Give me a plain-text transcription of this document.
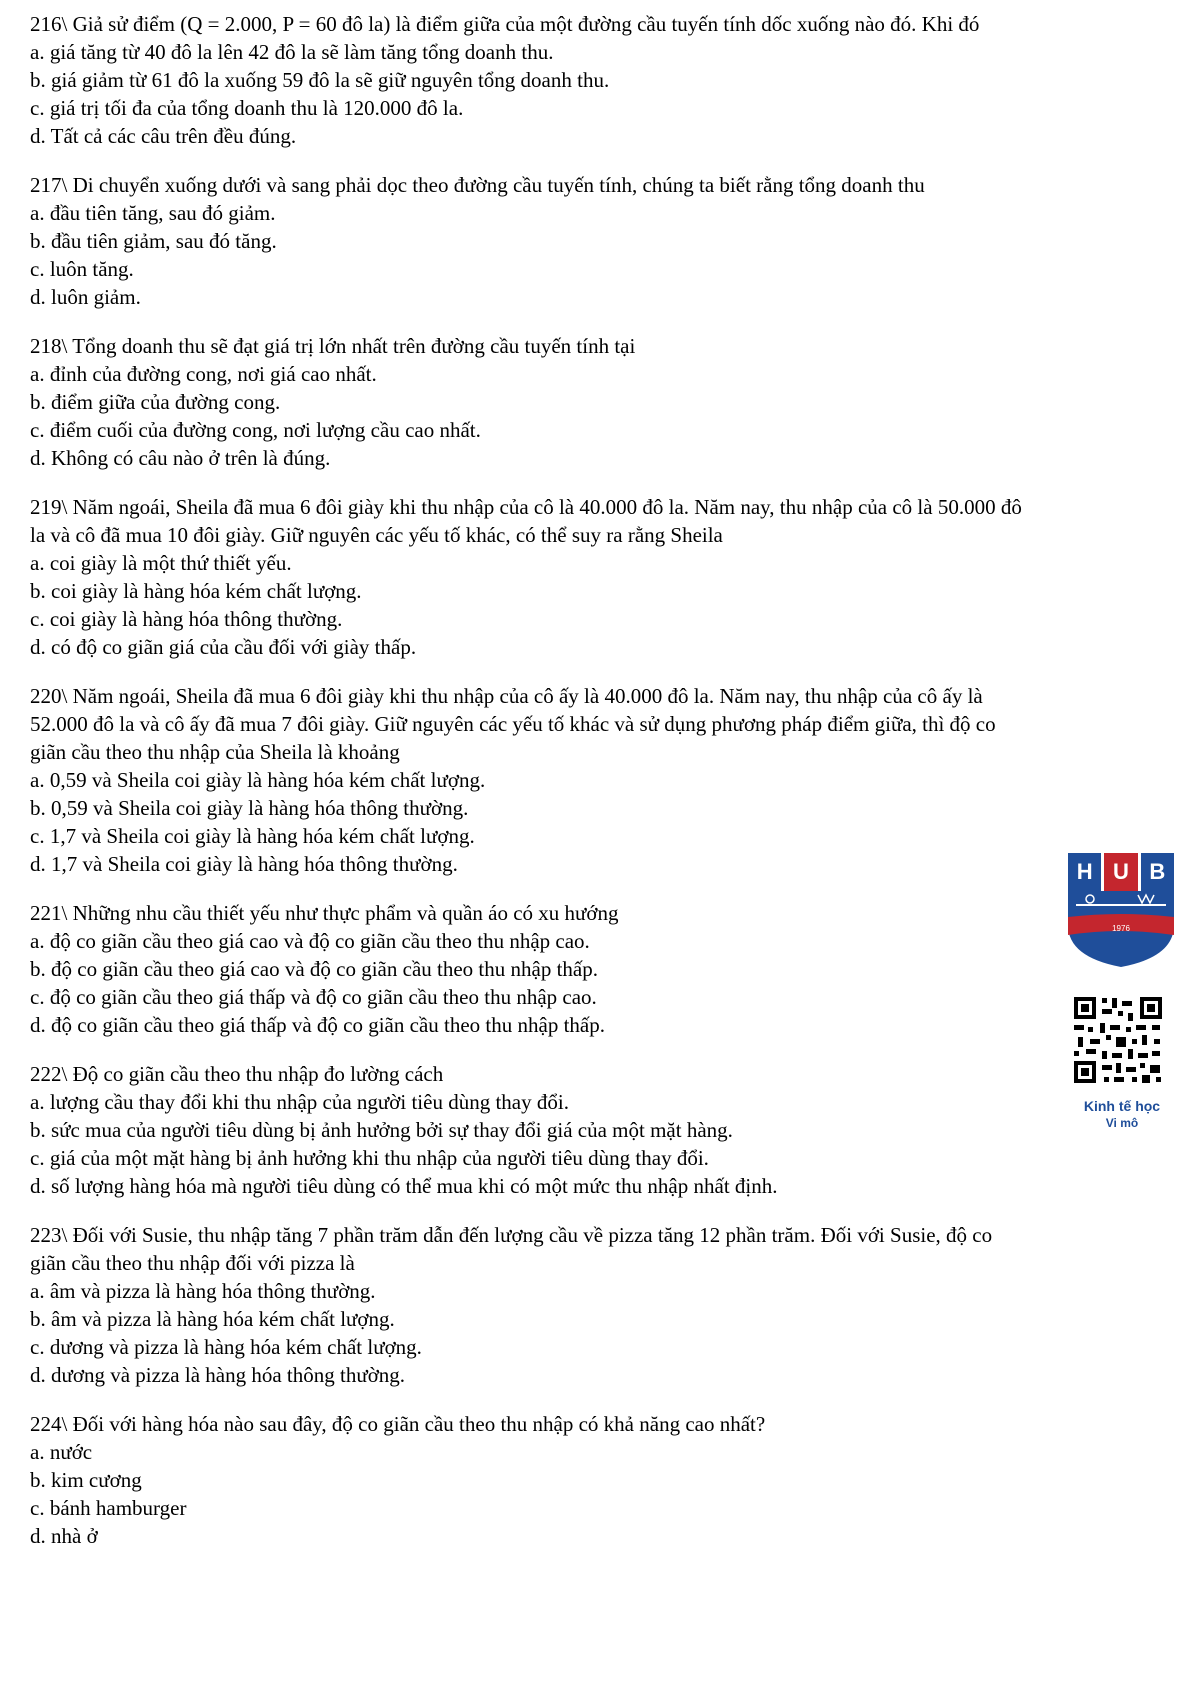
216\ Giả sử điểm (Q = 2.000, P = 60 đô la) là điểm giữa của một đường cầu tuyến tính dốc xuống nào đó. Khi đó
a. giá tăng từ 40 đô la lên 42 đô la sẽ làm tăng tổng doanh thu.
b. giá giảm từ 61 đô la xuống 59 đô la sẽ giữ nguyên tổng doanh thu.
c. giá trị tối đa của tổng doanh thu là 120.000 đô la.
d. Tất cả các câu trên đều đúng.
217\ Di chuyển xuống dưới và sang phải dọc theo đường cầu tuyến tính, chúng ta biết rằng tổng doanh thu
a. đầu tiên tăng, sau đó giảm.
b. đầu tiên giảm, sau đó tăng.
c. luôn tăng.
d. luôn giảm.
218\ Tổng doanh thu sẽ đạt giá trị lớn nhất trên đường cầu tuyến tính tại
a. đỉnh của đường cong, nơi giá cao nhất.
b. điểm giữa của đường cong.
c. điểm cuối của đường cong, nơi lượng cầu cao nhất.
d. Không có câu nào ở trên là đúng.
219\ Năm ngoái, Sheila đã mua 6 đôi giày khi thu nhập của cô là 40.000 đô la. Năm nay, thu nhập của cô là 50.000 đô
la và cô đã mua 10 đôi giày. Giữ nguyên các yếu tố khác, có thể suy ra rằng Sheila
a. coi giày là một thứ thiết yếu.
b. coi giày là hàng hóa kém chất lượng.
c. coi giày là hàng hóa thông thường.
d. có độ co giãn giá của cầu đối với giày thấp.
220\ Năm ngoái, Sheila đã mua 6 đôi giày khi thu nhập của cô ấy là 40.000 đô la. Năm nay, thu nhập của cô ấy là
52.000 đô la và cô ấy đã mua 7 đôi giày. Giữ nguyên các yếu tố khác và sử dụng phương pháp điểm giữa, thì độ co
giãn cầu theo thu nhập của Sheila là khoảng
a. 0,59 và Sheila coi giày là hàng hóa kém chất lượng.
b. 0,59 và Sheila coi giày là hàng hóa thông thường.
c. 1,7 và Sheila coi giày là hàng hóa kém chất lượng.
d. 1,7 và Sheila coi giày là hàng hóa thông thường.
221\ Những nhu cầu thiết yếu như thực phẩm và quần áo có xu hướng
a. độ co giãn cầu theo giá cao và độ co giãn cầu theo thu nhập cao.
b. độ co giãn cầu theo giá cao và độ co giãn cầu theo thu nhập thấp.
c. độ co giãn cầu theo giá thấp và độ co giãn cầu theo thu nhập cao.
d. độ co giãn cầu theo giá thấp và độ co giãn cầu theo thu nhập thấp.
222\ Độ co giãn cầu theo thu nhập đo lường cách
a. lượng cầu thay đổi khi thu nhập của người tiêu dùng thay đổi.
b. sức mua của người tiêu dùng bị ảnh hưởng bởi sự thay đổi giá của một mặt hàng.
c. giá của một mặt hàng bị ảnh hưởng khi thu nhập của người tiêu dùng thay đổi.
d. số lượng hàng hóa mà người tiêu dùng có thể mua khi có một mức thu nhập nhất định.
223\ Đối với Susie, thu nhập tăng 7 phần trăm dẫn đến lượng cầu về pizza tăng 12 phần trăm. Đối với Susie, độ co
giãn cầu theo thu nhập đối với pizza là
a. âm và pizza là hàng hóa thông thường.
b. âm và pizza là hàng hóa kém chất lượng.
c. dương và pizza là hàng hóa kém chất lượng.
d. dương và pizza là hàng hóa thông thường.
224\ Đối với hàng hóa nào sau đây, độ co giãn cầu theo thu nhập có khả năng cao nhất?
a. nước
b. kim cương
c. bánh hamburger
d. nhà ở
H U B
1976
Kinh tế học
Vi mô
